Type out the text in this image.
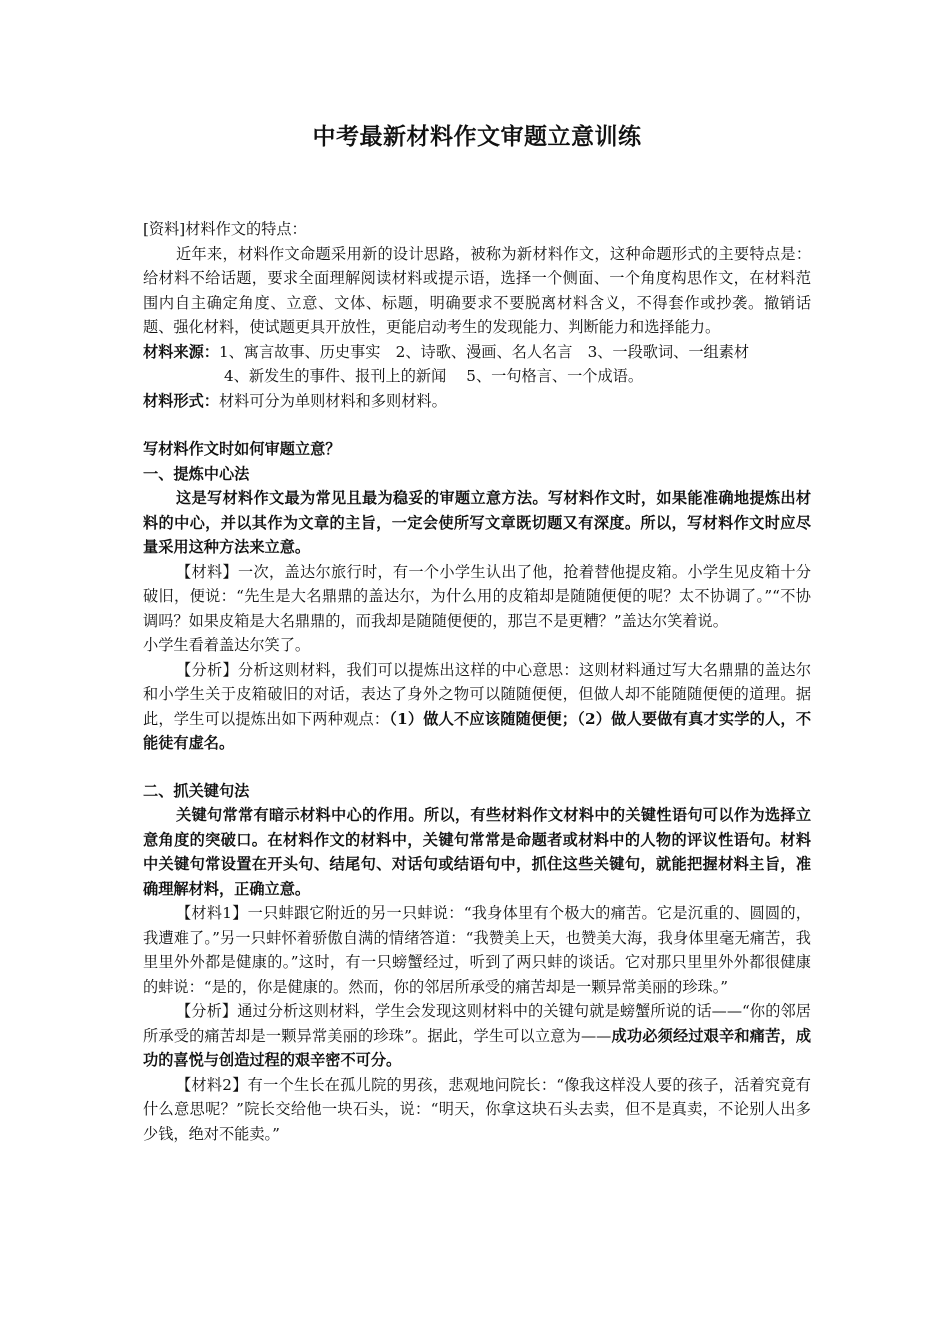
中考最新材料作文审题立意训练

[资料]材料作文的特点：

近年来，材料作文命题采用新的设计思路，被称为新材料作文，这种命题形式的主要特点是：给材料不给话题，要求全面理解阅读材料或提示语，选择一个侧面、一个角度构思作文，在材料范围内自主确定角度、立意、文体、标题，明确要求不要脱离材料含义，不得套作或抄袭。撤销话题、强化材料，使试题更具开放性，更能启动考生的发现能力、判断能力和选择能力。

材料来源：1、寓言故事、历史事实　2、诗歌、漫画、名人名言　3、一段歌词、一组素材

4、新发生的事件、报刊上的新闻　 5、一句格言、一个成语。

材料形式：材料可分为单则材料和多则材料。

写材料作文时如何审题立意？

一、提炼中心法

这是写材料作文最为常见且最为稳妥的审题立意方法。写材料作文时，如果能准确地提炼出材料的中心，并以其作为文章的主旨，一定会使所写文章既切题又有深度。所以，写材料作文时应尽量采用这种方法来立意。

【材料】一次，盖达尔旅行时，有一个小学生认出了他，抢着替他提皮箱。小学生见皮箱十分破旧，便说：“先生是大名鼎鼎的盖达尔，为什么用的皮箱却是随随便便的呢？太不协调了。”“不协调吗？如果皮箱是大名鼎鼎的，而我却是随随便便的，那岂不是更糟？”盖达尔笑着说。

小学生看着盖达尔笑了。

【分析】分析这则材料，我们可以提炼出这样的中心意思：这则材料通过写大名鼎鼎的盖达尔和小学生关于皮箱破旧的对话，表达了身外之物可以随随便便，但做人却不能随随便便的道理。据此，学生可以提炼出如下两种观点：（1）做人不应该随随便便；（2）做人要做有真才实学的人，不能徒有虚名。

二、抓关键句法

关键句常常有暗示材料中心的作用。所以，有些材料作文材料中的关键性语句可以作为选择立意角度的突破口。在材料作文的材料中，关键句常常是命题者或材料中的人物的评议性语句。材料中关键句常设置在开头句、结尾句、对话句或结语句中，抓住这些关键句，就能把握材料主旨，准确理解材料，正确立意。

【材料1】一只蚌跟它附近的另一只蚌说：“我身体里有个极大的痛苦。它是沉重的、圆圆的，我遭难了。”另一只蚌怀着骄傲自满的情绪答道：“我赞美上天，也赞美大海，我身体里毫无痛苦，我里里外外都是健康的。”这时，有一只螃蟹经过，听到了两只蚌的谈话。它对那只里里外外都很健康的蚌说：“是的，你是健康的。然而，你的邻居所承受的痛苦却是一颗异常美丽的珍珠。”

【分析】通过分析这则材料，学生会发现这则材料中的关键句就是螃蟹所说的话——“你的邻居所承受的痛苦却是一颗异常美丽的珍珠”。据此，学生可以立意为——成功必须经过艰辛和痛苦，成功的喜悦与创造过程的艰辛密不可分。

【材料2】有一个生长在孤儿院的男孩，悲观地问院长：“像我这样没人要的孩子，活着究竟有什么意思呢？”院长交给他一块石头，说：“明天，你拿这块石头去卖，但不是真卖，不论别人出多少钱，绝对不能卖。”
